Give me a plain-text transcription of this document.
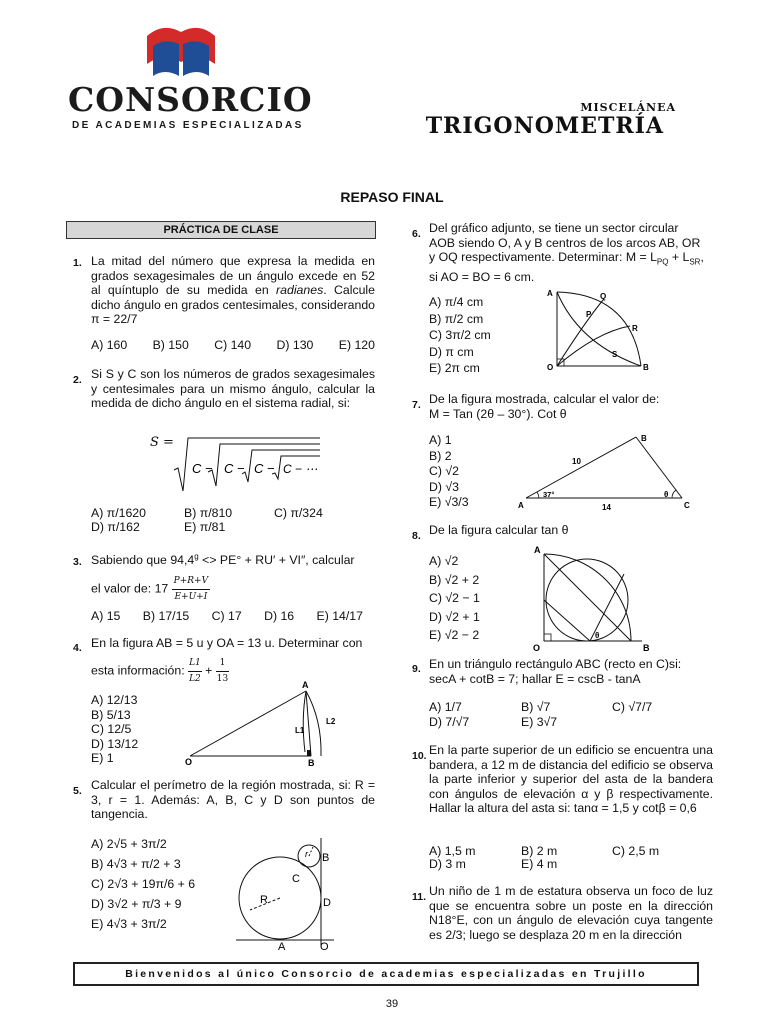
CONSORCIO
DE ACADEMIAS ESPECIALIZADAS
MISCELÁNEA
TRIGONOMETRÍA
REPASO FINAL
PRÁCTICA DE CLASE
1. La mitad del número que expresa la medida en grados sexagesimales de un ángulo excede en 52 al quíntuplo de su medida en radianes. Calcule dicho ángulo en grados centesimales, considerando π = 22/7
A) 160 B) 150 C) 140 D) 130 E) 120
2. Si S y C son los números de grados sexagesimales y centesimales para un mismo ángulo, calcular la medida de dicho ángulo en el sistema radial, si:
S =
C − C − C − C − ⋯
A) π/1620	B) π/810	C) π/324
D) π/162	E) π/81
3. Sabiendo que 94,4$^g$ <> PE° + RU′ + VI″, calcular
el valor de: $17 \frac{P+R+V}{E+U+I}$
A) 15 B) 17/15 C) 17 D) 16 E) 14/17
4. En la figura AB = 5 u y OA = 13 u. Determinar con
esta información: $\frac{L1}{L2} + \frac{1}{13}$
A) 12/13
B) 5/13
C) 12/5
D) 13/12
E) 1	O
A
B
L1
L2
5. Calcular el perímetro de la región mostrada, si: R = 3, r = 1. Además: A, B, C y D son puntos de tangencia.
A) 2√5 + 3π/2
B) 4√3 + π/2 + 3
C) 2√3 + 19π/6 + 6
D) 3√2 + π/3 + 9
E) 4√3 + 3π/2
R
r B
C
D
A	O
6. Del gráfico adjunto, se tiene un sector circular
AOB siendo O, A y B centros de los arcos AB, OR
y OQ respectivamente. Determinar: $M = L_{PQ} + L_{SR}$,
si AO = BO = 6 cm.
A) π/4 cm
B) π/2 cm
C) 3π/2 cm
D) π cm
E) 2π cm
A	Q
P
R
S
O	B
7. De la figura mostrada, calcular el valor de:
M = Tan (2θ – 30°). Cot θ
A) 1
B) 2
C) √2
D) √3
E) √3/3	A
B
C
10
14
37°	θ
8. De la figura calcular tan θ
A) √2
B) √2 + 2
C) √2 − 1
D) √2 + 1
E) √2 − 2
A
O	B
θ
9. En un triángulo rectángulo ABC (recto en C)si:
secA + cotB = 7; hallar E = cscB - tanA
A) 1/7	B) √7	C) √7/7
D) 7/√7	E) 3√7
10. En la parte superior de un edificio se encuentra una bandera, a 12 m de distancia del edificio se observa la parte inferior y superior del asta de la bandera con ángulos de elevación α y β respectivamente. Hallar la altura del asta si: tanα = 1,5 y cotβ = 0,6
A) 1,5 m	B) 2 m	C) 2,5 m
D) 3 m	E) 4 m
11. Un niño de 1 m de estatura observa un foco de luz que se encuentra sobre un poste en la dirección N18°E, con un ángulo de elevación cuya tangente es 2/3; luego se desplaza 20 m en la dirección
Bienvenidos al único Consorcio de academias especializadas en Trujillo
39
